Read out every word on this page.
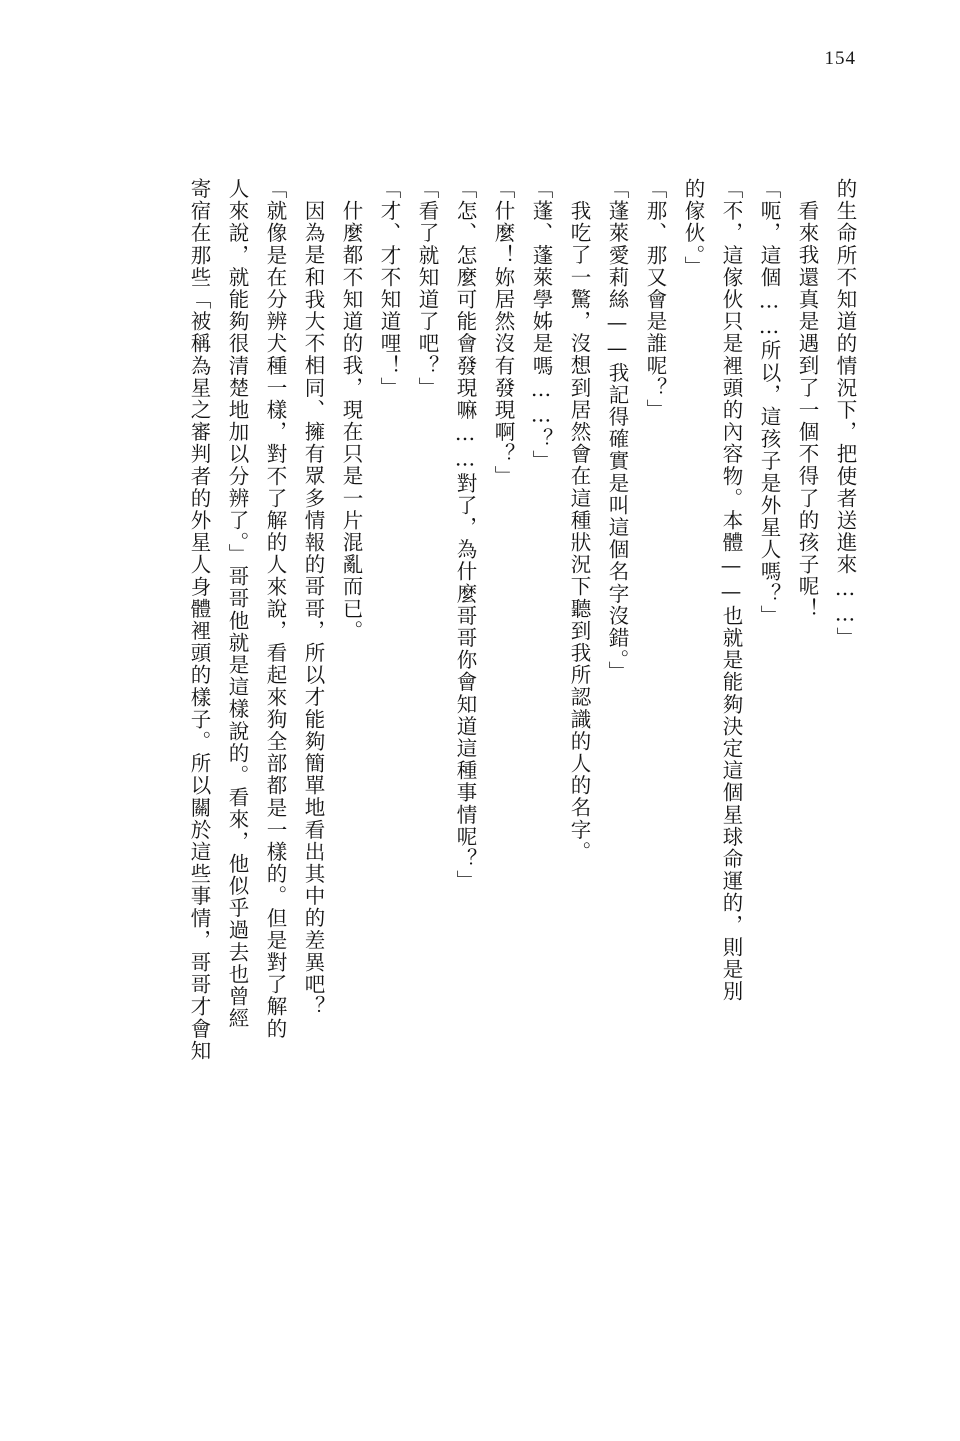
154
寄宿在那些「被稱為星之審判者的外星人身體裡頭的樣子。所以關於這些事情，哥哥才會知 人來說，就能夠很清楚地加以分辨了。」哥哥他就是這樣說的。看來，他似乎過去也曾經 「就像是在分辨犬種一樣，對不了解的人來說，看起來狗全部都是一樣的。但是對了解的 因為是和我大不相同、擁有眾多情報的哥哥，所以才能夠簡單地看出其中的差異吧？ 什麼都不知道的我，現在只是一片混亂而已。 「才、才不知道哩！」 「看了就知道了吧？」 「怎、怎麼可能會發現嘛……對了，為什麼哥哥你會知道這種事情呢？」 「什麼！妳居然沒有發現啊？」 「蓬、蓬萊學姊是嗎……？」 我吃了一驚，沒想到居然會在這種狀況下聽到我所認識的人的名字。 「蓬萊愛莉絲——我記得確實是叫這個名字沒錯。」 「那、那又會是誰呢？」 的傢伙。」 「不，這傢伙只是裡頭的內容物。本體——也就是能夠決定這個星球命運的，則是別 「呃，這個……所以，這孩子是外星人嗎？」 看來我還真是遇到了一個不得了的孩子呢！ 的生命所不知道的情況下，把使者送進來……」
